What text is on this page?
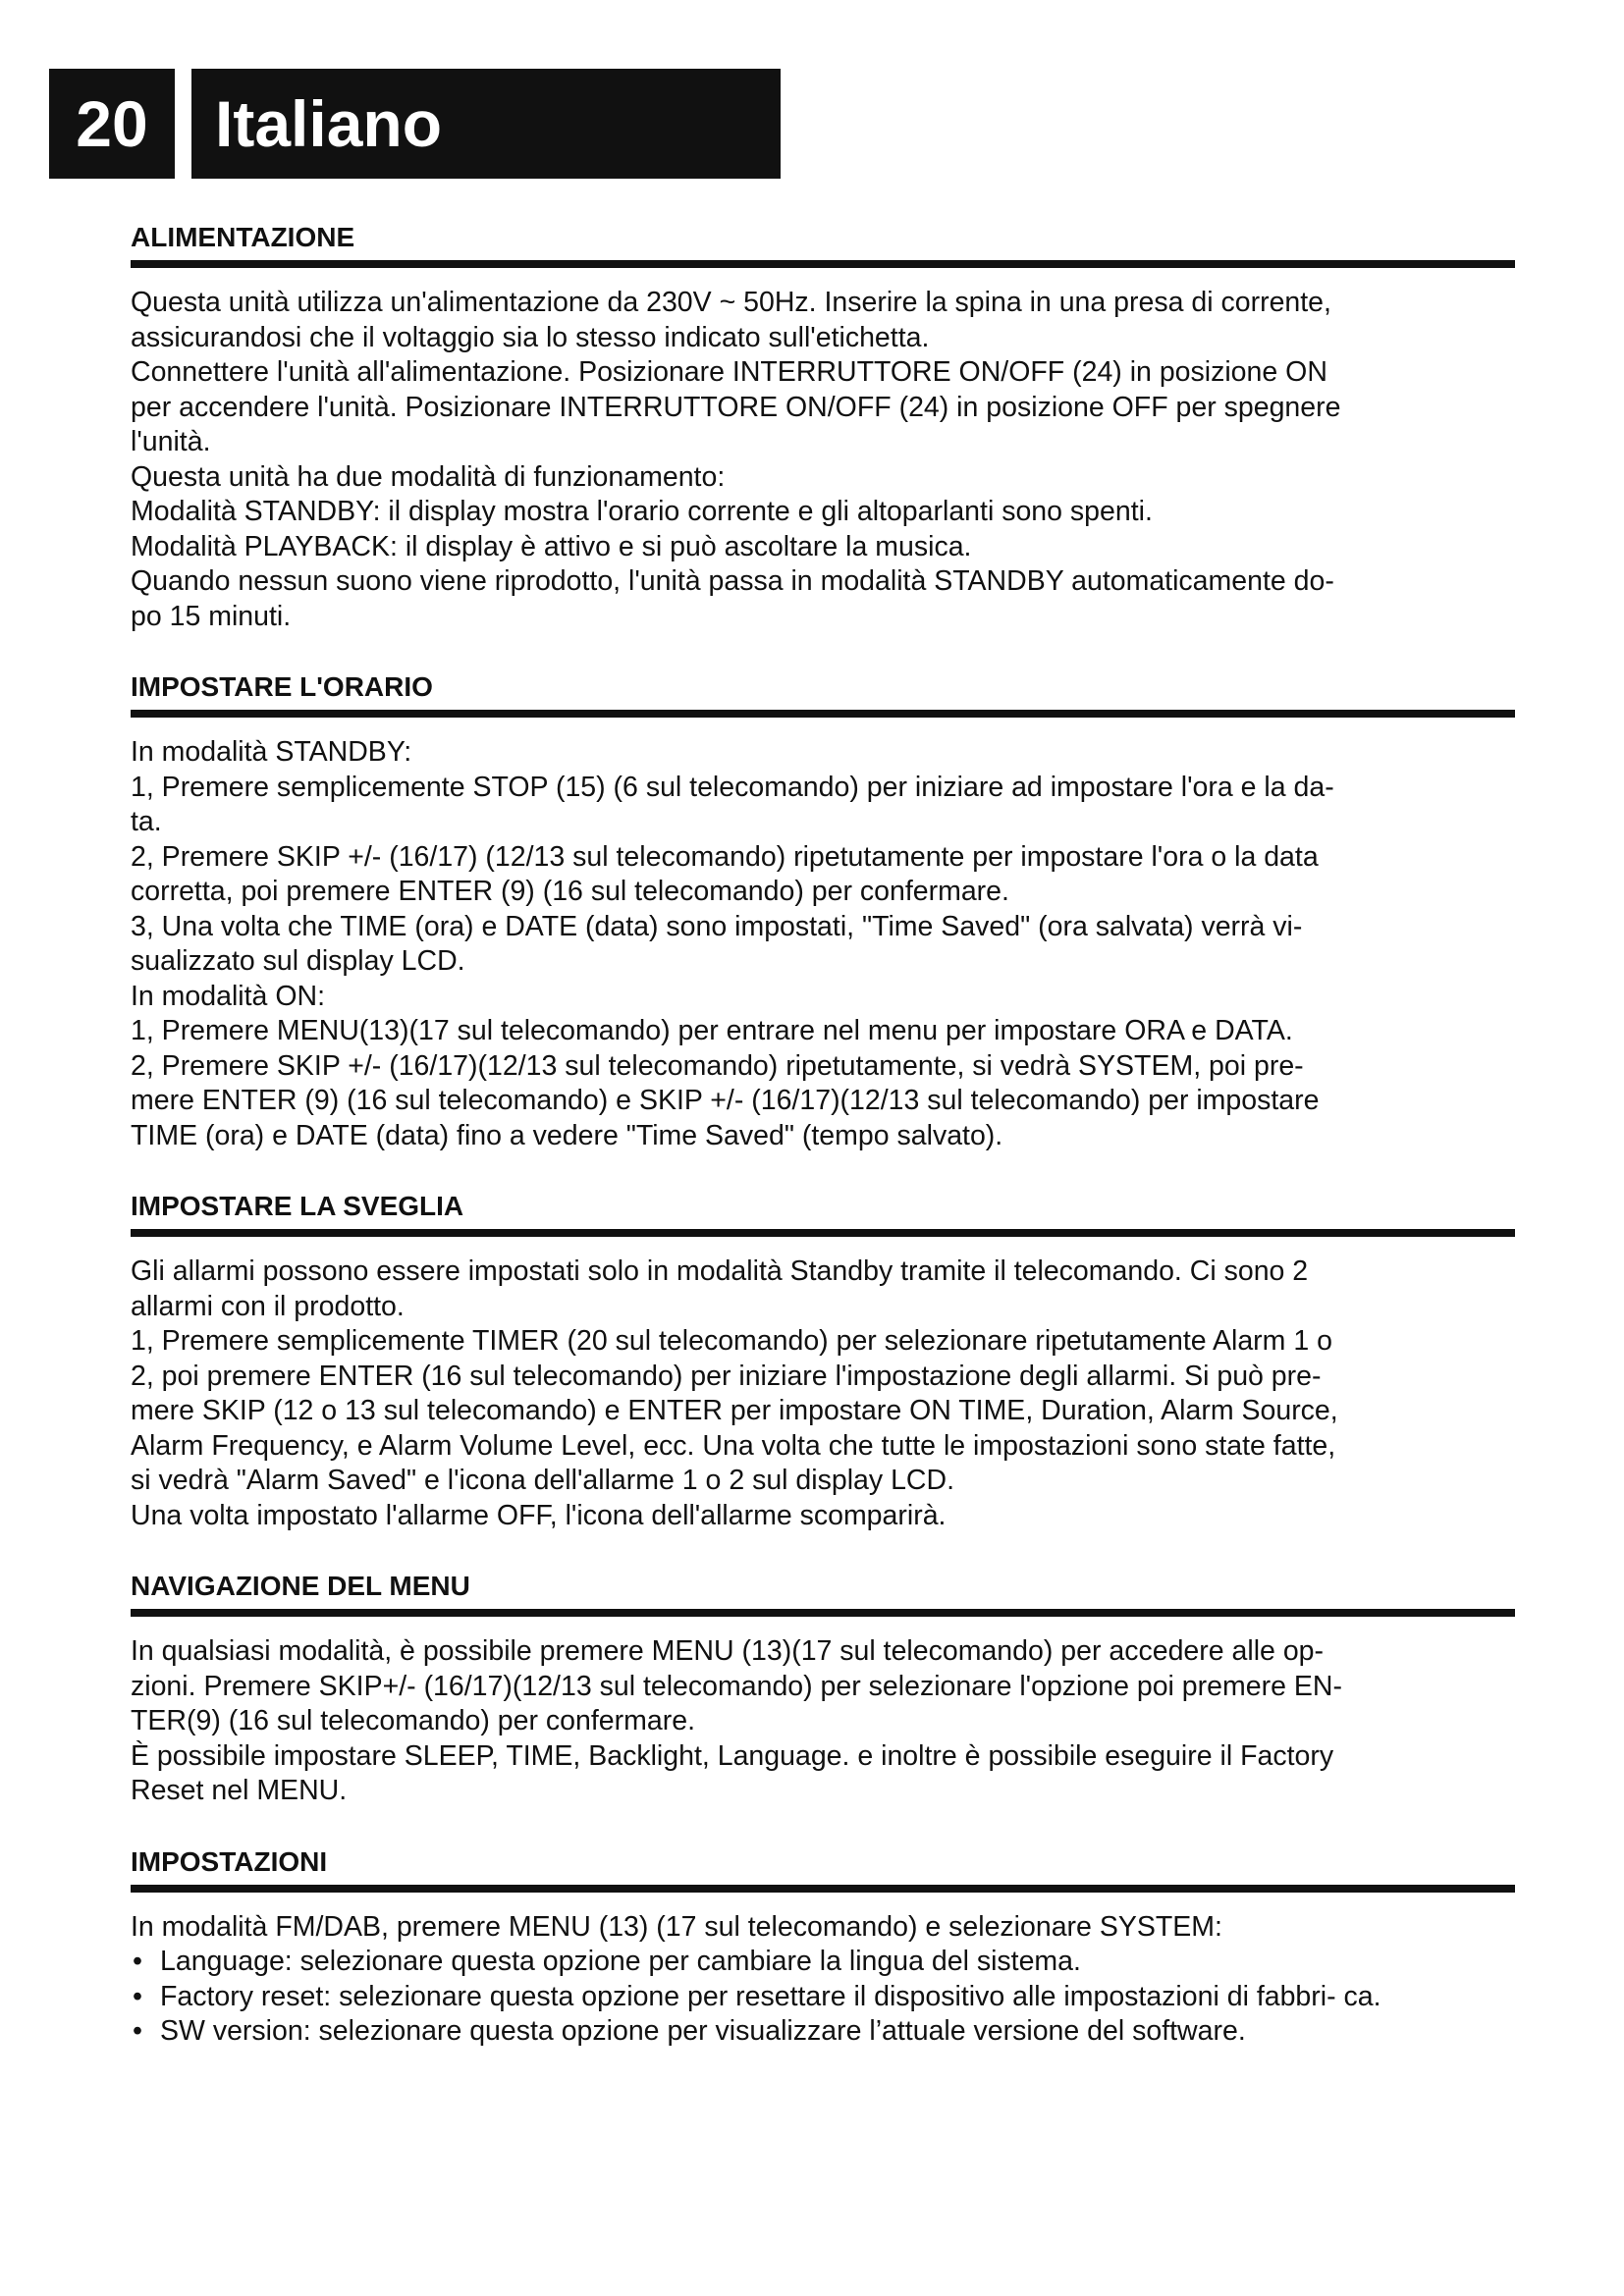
20	Italiano
ALIMENTAZIONE

Questa unità utilizza un'alimentazione da 230V ~ 50Hz. Inserire la spina in una presa di corrente,

assicurandosi che il voltaggio sia lo stesso indicato sull'etichetta.

Connettere l'unità all'alimentazione. Posizionare INTERRUTTORE ON/OFF (24) in posizione ON

per accendere l'unità. Posizionare INTERRUTTORE ON/OFF (24) in posizione OFF per spegnere

l'unità.

Questa unità ha due modalità di funzionamento:

Modalità STANDBY: il display mostra l'orario corrente e gli altoparlanti sono spenti.

Modalità PLAYBACK: il display è attivo e si può ascoltare la musica.

Quando nessun suono viene riprodotto, l'unità passa in modalità STANDBY automaticamente do-

po 15 minuti.

IMPOSTARE L'ORARIO

In modalità STANDBY:

1, Premere semplicemente STOP (15) (6 sul telecomando) per iniziare ad impostare l'ora e la da-

ta.

2, Premere SKIP +/- (16/17) (12/13 sul telecomando) ripetutamente per impostare l'ora o la data

corretta, poi premere ENTER (9) (16 sul telecomando) per confermare.

3, Una volta che TIME (ora) e DATE (data) sono impostati, "Time Saved" (ora salvata) verrà vi-

sualizzato sul display LCD.

In modalità ON:

1, Premere MENU(13)(17 sul telecomando) per entrare nel menu per impostare ORA e DATA.

2, Premere SKIP +/- (16/17)(12/13 sul telecomando) ripetutamente, si vedrà SYSTEM, poi pre-

mere ENTER (9) (16 sul telecomando) e SKIP +/- (16/17)(12/13 sul telecomando) per impostare

TIME (ora) e DATE (data) fino a vedere "Time Saved" (tempo salvato).

IMPOSTARE LA SVEGLIA

Gli allarmi possono essere impostati solo in modalità Standby tramite il telecomando. Ci sono 2

allarmi con il prodotto.

1, Premere semplicemente TIMER (20 sul telecomando) per selezionare ripetutamente Alarm 1 o

2, poi premere ENTER (16 sul telecomando) per iniziare l'impostazione degli allarmi. Si può pre-

mere SKIP (12 o 13 sul telecomando) e ENTER per impostare ON TIME, Duration, Alarm Source,

Alarm Frequency, e Alarm Volume Level, ecc. Una volta che tutte le impostazioni sono state fatte,

si vedrà "Alarm Saved" e l'icona dell'allarme 1 o 2 sul display LCD.

Una volta impostato l'allarme OFF, l'icona dell'allarme scomparirà.

NAVIGAZIONE DEL MENU

In qualsiasi modalità, è possibile premere MENU (13)(17 sul telecomando) per accedere alle op-

zioni. Premere SKIP+/- (16/17)(12/13 sul telecomando) per selezionare l'opzione poi premere EN-

TER(9) (16 sul telecomando) per confermare.

È possibile impostare SLEEP, TIME, Backlight, Language. e inoltre è possibile eseguire il Factory

Reset nel MENU.

IMPOSTAZIONI

In modalità FM/DAB, premere MENU (13) (17 sul telecomando) e selezionare SYSTEM:

• Language: selezionare questa opzione per cambiare la lingua del sistema.
• Factory reset: selezionare questa opzione per resettare il dispositivo alle impostazioni di fabbri- ca.
• SW version: selezionare questa opzione per visualizzare l’attuale versione del software.
